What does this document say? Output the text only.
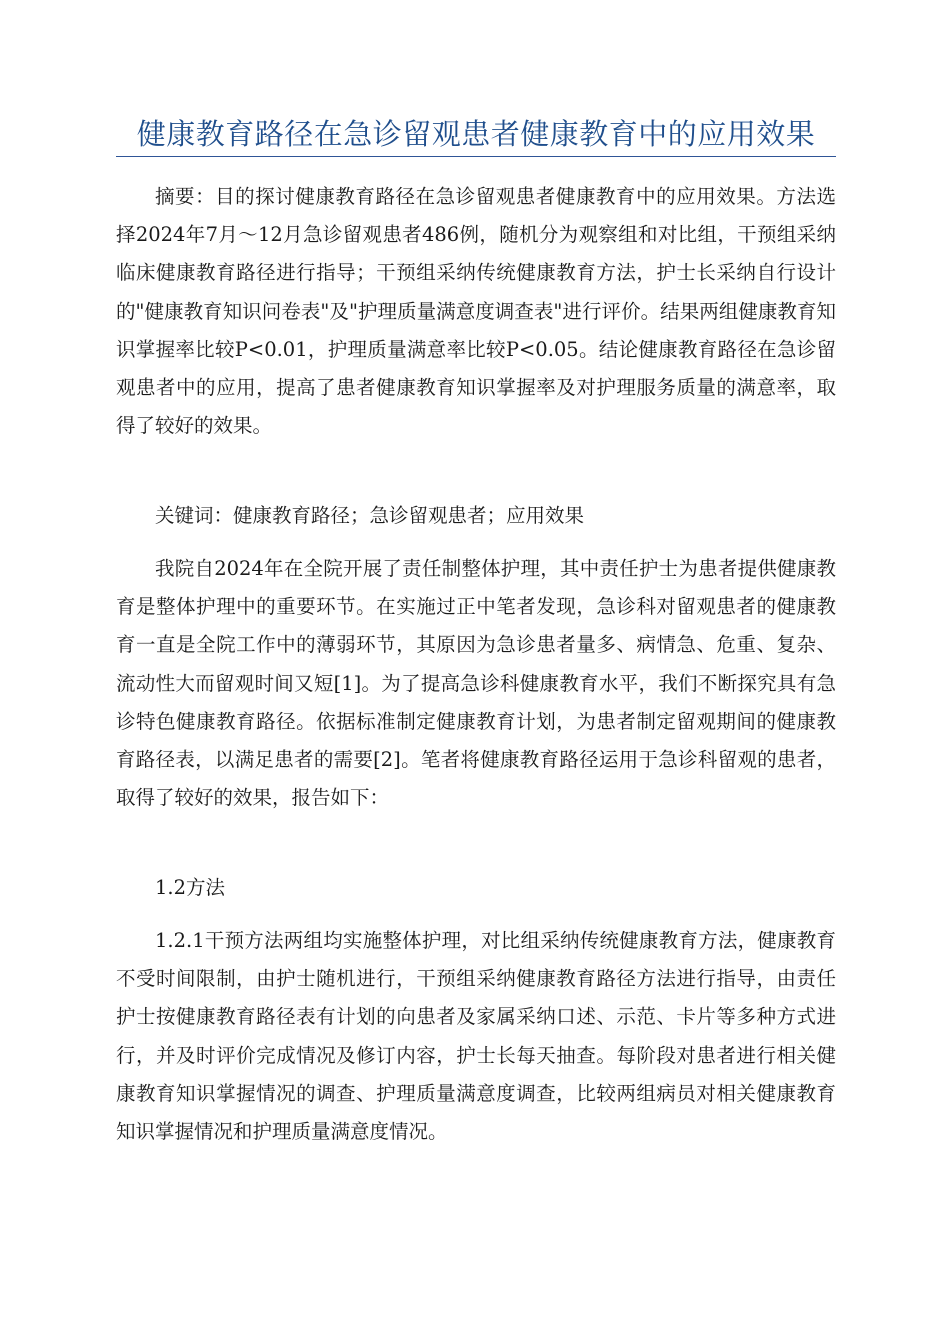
健康教育路径在急诊留观患者健康教育中的应用效果

摘要：目的探讨健康教育路径在急诊留观患者健康教育中的应用效果。方法选择2024年7月～12月急诊留观患者486例，随机分为观察组和对比组，干预组采纳临床健康教育路径进行指导；干预组采纳传统健康教育方法，护士长采纳自行设计的"健康教育知识问卷表"及"护理质量满意度调查表"进行评价。结果两组健康教育知识掌握率比较P<0.01，护理质量满意率比较P<0.05。结论健康教育路径在急诊留观患者中的应用，提高了患者健康教育知识掌握率及对护理服务质量的满意率，取得了较好的效果。

关键词：健康教育路径；急诊留观患者；应用效果

我院自2024年在全院开展了责任制整体护理，其中责任护士为患者提供健康教育是整体护理中的重要环节。在实施过正中笔者发现，急诊科对留观患者的健康教育一直是全院工作中的薄弱环节，其原因为急诊患者量多、病情急、危重、复杂、流动性大而留观时间又短[1]。为了提高急诊科健康教育水平，我们不断探究具有急诊特色健康教育路径。依据标准制定健康教育计划，为患者制定留观期间的健康教育路径表，以满足患者的需要[2]。笔者将健康教育路径运用于急诊科留观的患者，取得了较好的效果，报告如下：

1.2方法

1.2.1干预方法两组均实施整体护理，对比组采纳传统健康教育方法，健康教育不受时间限制，由护士随机进行，干预组采纳健康教育路径方法进行指导，由责任护士按健康教育路径表有计划的向患者及家属采纳口述、示范、卡片等多种方式进行，并及时评价完成情况及修订内容，护士长每天抽查。每阶段对患者进行相关健康教育知识掌握情况的调查、护理质量满意度调查，比较两组病员对相关健康教育知识掌握情况和护理质量满意度情况。
